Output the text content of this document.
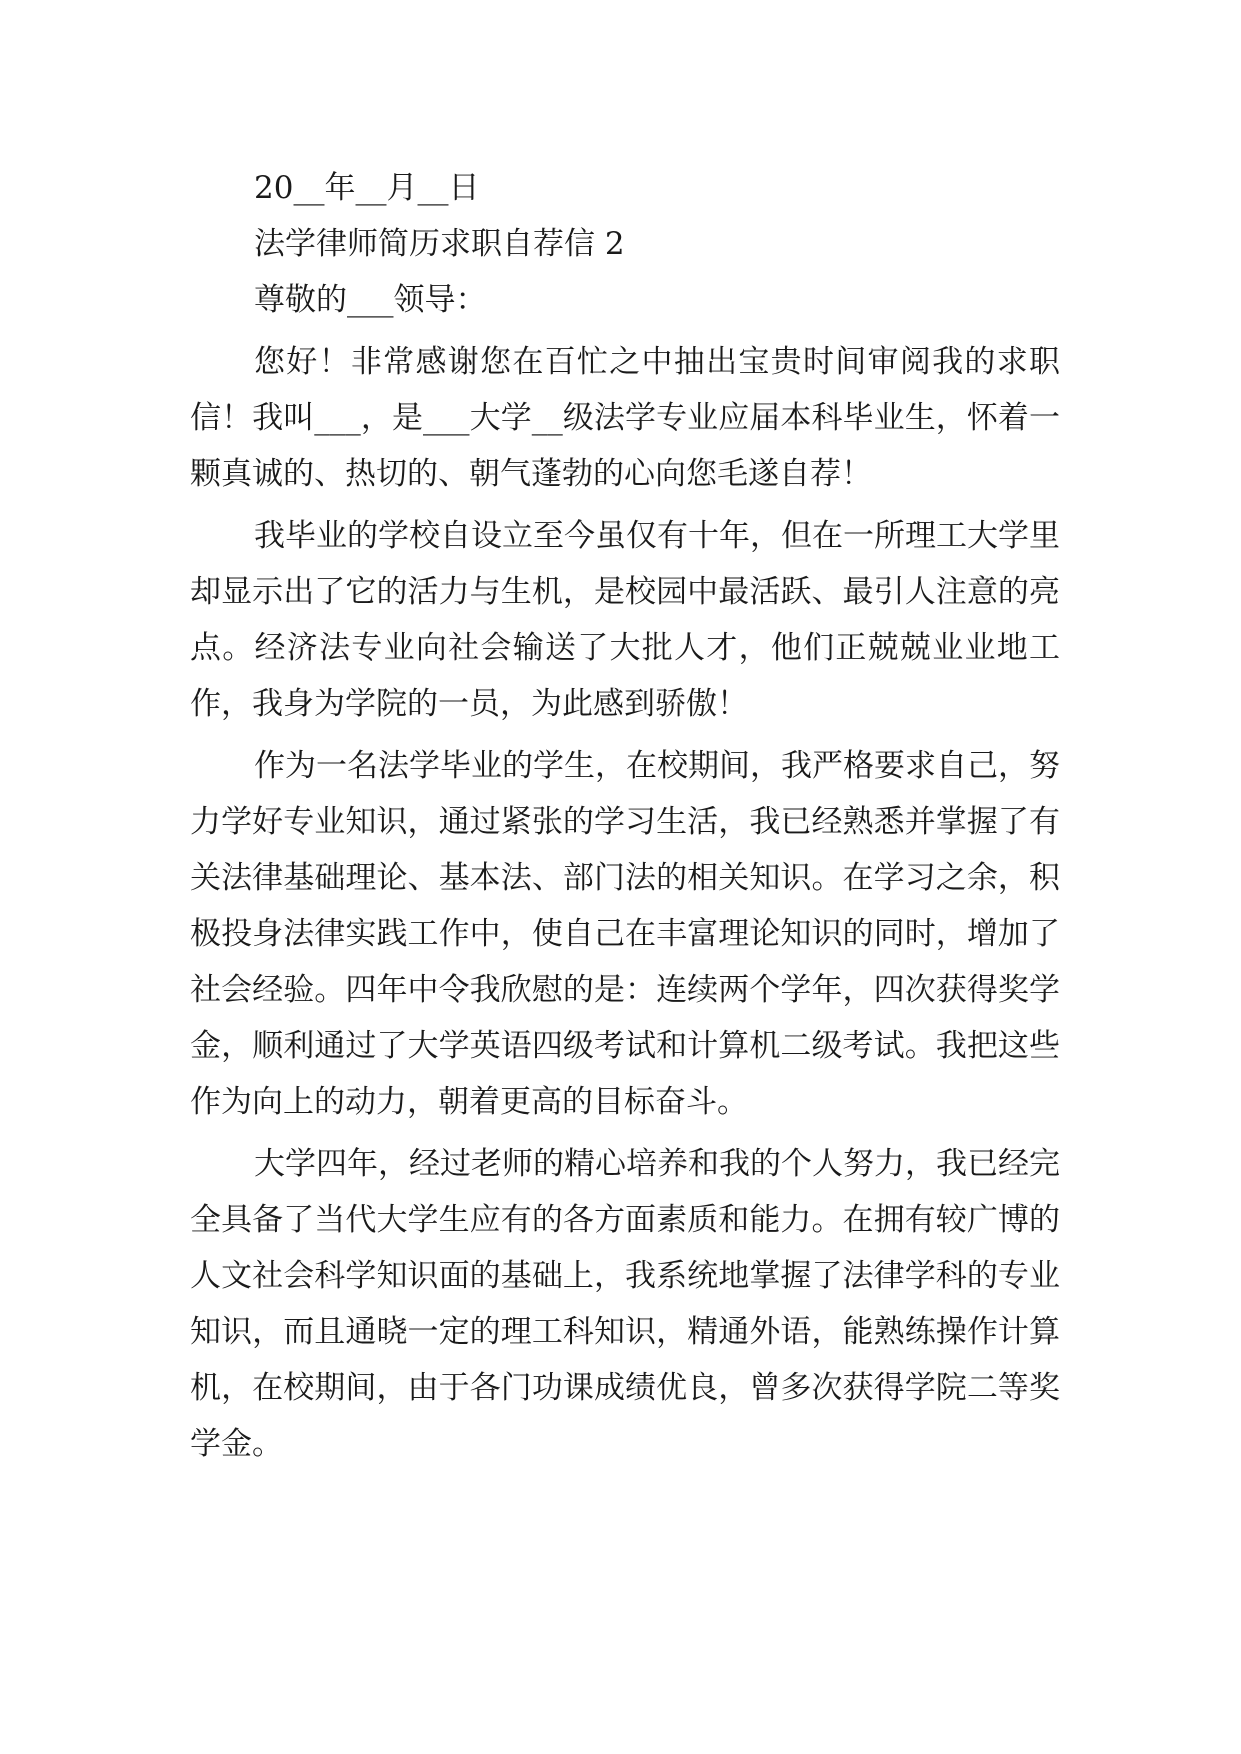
20__年__月__日

法学律师简历求职自荐信 2

尊敬的___领导：

您好！非常感谢您在百忙之中抽出宝贵时间审阅我的求职信！我叫___，是___大学__级法学专业应届本科毕业生，怀着一颗真诚的、热切的、朝气蓬勃的心向您毛遂自荐！

我毕业的学校自设立至今虽仅有十年，但在一所理工大学里却显示出了它的活力与生机，是校园中最活跃、最引人注意的亮点。经济法专业向社会输送了大批人才，他们正兢兢业业地工作，我身为学院的一员，为此感到骄傲！

作为一名法学毕业的学生，在校期间，我严格要求自己，努力学好专业知识，通过紧张的学习生活，我已经熟悉并掌握了有关法律基础理论、基本法、部门法的相关知识。在学习之余，积极投身法律实践工作中，使自己在丰富理论知识的同时，增加了社会经验。四年中令我欣慰的是：连续两个学年，四次获得奖学金，顺利通过了大学英语四级考试和计算机二级考试。我把这些作为向上的动力，朝着更高的目标奋斗。

大学四年，经过老师的精心培养和我的个人努力，我已经完全具备了当代大学生应有的各方面素质和能力。在拥有较广博的人文社会科学知识面的基础上，我系统地掌握了法律学科的专业知识，而且通晓一定的理工科知识，精通外语，能熟练操作计算机，在校期间，由于各门功课成绩优良，曾多次获得学院二等奖学金。
